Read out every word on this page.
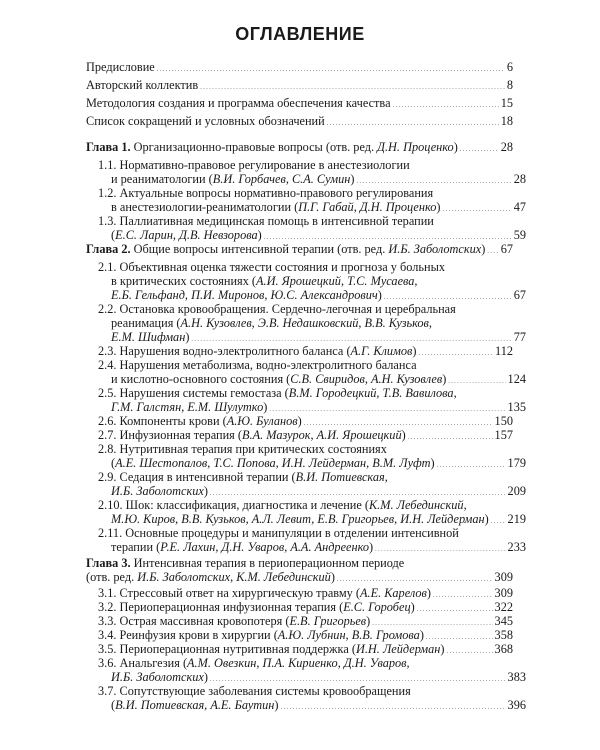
ОГЛАВЛЕНИЕ
Предисловие . . .	6
Авторский коллектив . . .	8
Методология создания и программа обеспечения качества . . .	15
Список сокращений и условных обозначений . . .	18
Глава 1. Организационно-правовые вопросы (отв. ред. Д.Н. Проценко) . . .	28
1.1. Нормативно-правовое регулирование в анестезиологии
и реаниматологии (В.И. Горбачев, С.А. Сумин) . . .	28
1.2. Актуальные вопросы нормативно-правового регулирования
в анестезиологии-реаниматологии (П.Г. Габай, Д.Н. Проценко) . . .	47
1.3. Паллиативная медицинская помощь в интенсивной терапии
(Е.С. Ларин, Д.В. Невзорова) . . .	59
Глава 2. Общие вопросы интенсивной терапии (отв. ред. И.Б. Заболотских) . . . 67
2.1. Объективная оценка тяжести состояния и прогноза у больных
в критических состояниях (А.И. Ярошецкий, Т.С. Мусаева,
Е.Б. Гельфанд, П.И. Миронов, Ю.С. Александрович) . . .	67
2.2. Остановка кровообращения. Сердечно-легочная и церебральная
реанимация (А.Н. Кузовлев, Э.В. Недашковский, В.В. Кузьков,
Е.М. Шифман) . . .	77
2.3. Нарушения водно-электролитного баланса (А.Г. Климов) . . .	112
2.4. Нарушения метаболизма, водно-электролитного баланса
и кислотно-основного состояния (С.В. Свиридов, А.Н. Кузовлев) . . .	124
2.5. Нарушения системы гемостаза (В.М. Городецкий, Т.В. Вавилова,
Г.М. Галстян, Е.М. Шулутко) . . .	135
2.6. Компоненты крови (А.Ю. Буланов) . . .	150
2.7. Инфузионная терапия (В.А. Мазурок, А.И. Ярошецкий) . . .	157
2.8. Нутритивная терапия при критических состояниях
(А.Е. Шестопалов, Т.С. Попова, И.Н. Лейдерман, В.М. Луфт) . . .	179
2.9. Седация в интенсивной терапии (В.И. Потиевская,
И.Б. Заболотских) . . .	209
2.10. Шок: классификация, диагностика и лечение (К.М. Лебединский,
М.Ю. Киров, В.В. Кузьков, А.Л. Левит, Е.В. Григорьев, И.Н. Лейдерман) . . . 219
2.11. Основные процедуры и манипуляции в отделении интенсивной
терапии (Р.Е. Лахин, Д.Н. Уваров, А.А. Андреенко) . . .	233
Глава 3. Интенсивная терапия в периоперационном периоде
(отв. ред. И.Б. Заболотских, К.М. Лебединский) . . .	309
3.1. Стрессовый ответ на хирургическую травму (А.Е. Карелов) . . .	309
3.2. Периоперационная инфузионная терапия (Е.С. Горобец) . . .	322
3.3. Острая массивная кровопотеря (Е.В. Григорьев) . . .	345
3.4. Реинфузия крови в хирургии (А.Ю. Лубнин, В.В. Громова) . . .	358
3.5. Периоперационная нутритивная поддержка (И.Н. Лейдерман) . . .	368
3.6. Анальгезия (А.М. Овезкин, П.А. Кириенко, Д.Н. Уваров,
И.Б. Заболотских) . . .	383
3.7. Сопутствующие заболевания системы кровообращения
(В.И. Потиевская, А.Е. Баутин) . . .	396
